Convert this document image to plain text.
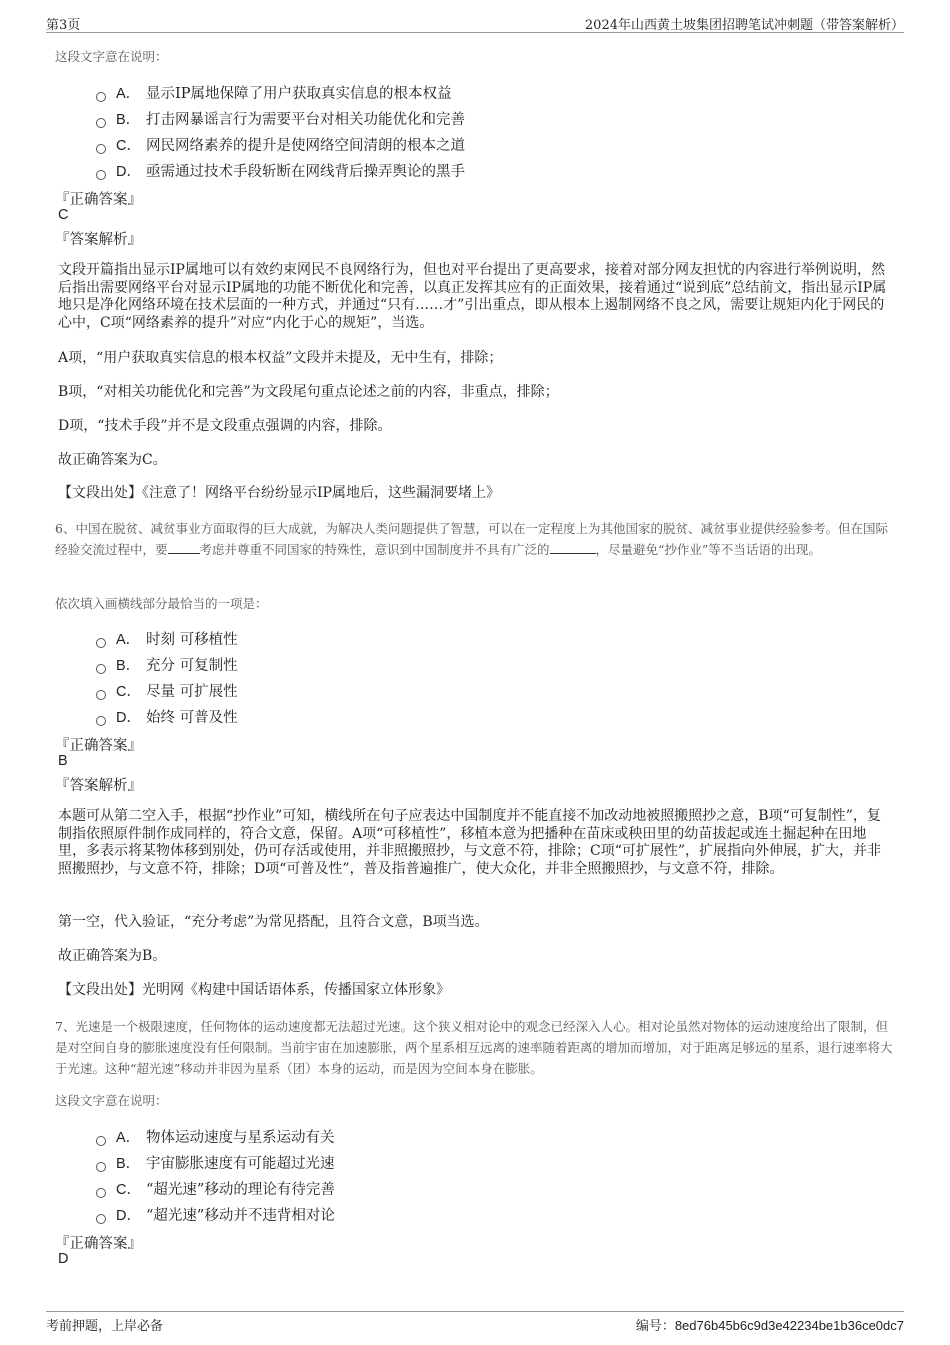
第3页	2024年山西黄土坡集团招聘笔试冲刺题（带答案解析）
这段文字意在说明：
A． 显示IP属地保障了用户获取真实信息的根本权益
B． 打击网暴谣言行为需要平台对相关功能优化和完善
C． 网民网络素养的提升是使网络空间清朗的根本之道
D． 亟需通过技术手段斩断在网线背后操弄舆论的黑手
『正确答案』
C
『答案解析』
文段开篇指出显示IP属地可以有效约束网民不良网络行为，但也对平台提出了更高要求，接着对部分网友担忧的内容进行举例说明，然后指出需要网络平台对显示IP属地的功能不断优化和完善，以真正发挥其应有的正面效果，接着通过“说到底”总结前文，指出显示IP属地只是净化网络环境在技术层面的一种方式，并通过“只有……才”引出重点，即从根本上遏制网络不良之风，需要让规矩内化于网民的心中，C项“网络素养的提升”对应“内化于心的规矩”，当选。
A项，“用户获取真实信息的根本权益”文段并未提及，无中生有，排除；
B项，“对相关功能优化和完善”为文段尾句重点论述之前的内容，非重点，排除；
D项，“技术手段”并不是文段重点强调的内容，排除。
故正确答案为C。
【文段出处】《注意了！网络平台纷纷显示IP属地后，这些漏洞要堵上》
6、中国在脱贫、减贫事业方面取得的巨大成就，为解决人类问题提供了智慧，可以在一定程度上为其他国家的脱贫、减贫事业提供经验参考。但在国际经验交流过程中，要	考虑并尊重不同国家的特殊性，意识到中国制度并不具有广泛的	，尽量避免“抄作业”等不当话语的出现。
依次填入画横线部分最恰当的一项是：
A． 时刻 可移植性
B． 充分 可复制性
C． 尽量 可扩展性
D． 始终 可普及性
『正确答案』
B
『答案解析』
本题可从第二空入手，根据“抄作业”可知，横线所在句子应表达中国制度并不能直接不加改动地被照搬照抄之意，B项“可复制性”，复制指依照原件制作成同样的，符合文意，保留。A项“可移植性”，移植本意为把播种在苗床或秧田里的幼苗拔起或连土掘起种在田地里，多表示将某物体移到别处，仍可存活或使用，并非照搬照抄，与文意不符，排除；C项“可扩展性”，扩展指向外伸展，扩大，并非照搬照抄，与文意不符，排除；D项“可普及性”，普及指普遍推广，使大众化，并非全照搬照抄，与文意不符，排除。
第一空，代入验证，“充分考虑”为常见搭配，且符合文意，B项当选。
故正确答案为B。
【文段出处】光明网《构建中国话语体系，传播国家立体形象》
7、光速是一个极限速度，任何物体的运动速度都无法超过光速。这个狭义相对论中的观念已经深入人心。相对论虽然对物体的运动速度给出了限制，但是对空间自身的膨胀速度没有任何限制。当前宇宙在加速膨胀，两个星系相互远离的速率随着距离的增加而增加，对于距离足够远的星系，退行速率将大于光速。这种“超光速”移动并非因为星系（团）本身的运动，而是因为空间本身在膨胀。
这段文字意在说明：
A． 物体运动速度与星系运动有关
B． 宇宙膨胀速度有可能超过光速
C． “超光速”移动的理论有待完善
D． “超光速”移动并不违背相对论
『正确答案』
D
考前押题，上岸必备	编号：8ed76b45b6c9d3e42234be1b36ce0dc7
